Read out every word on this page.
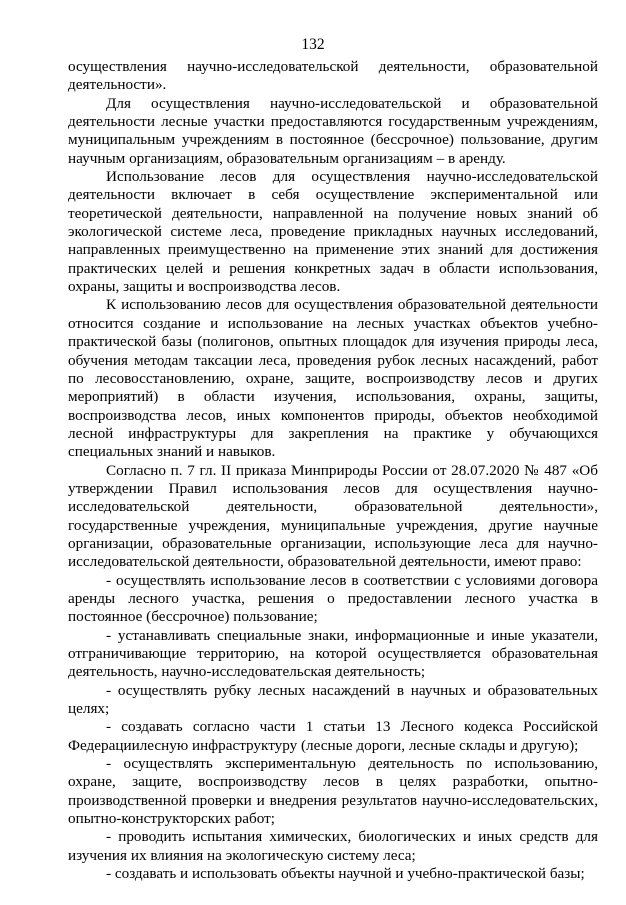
132

осуществления научно-исследовательской деятельности, образовательной деятельности».

Для осуществления научно-исследовательской и образовательной деятельности лесные участки предоставляются государственным учреждениям, муниципальным учреждениям в постоянное (бессрочное) пользование, другим научным организациям, образовательным организациям – в аренду.

Использование лесов для осуществления научно-исследовательской деятельности включает в себя осуществление экспериментальной или теоретической деятельности, направленной на получение новых знаний об экологической системе леса, проведение прикладных научных исследований, направленных преимущественно на применение этих знаний для достижения практических целей и решения конкретных задач в области использования, охраны, защиты и воспроизводства лесов.

К использованию лесов для осуществления образовательной деятельности относится создание и использование на лесных участках объектов учебно-практической базы (полигонов, опытных площадок для изучения природы леса, обучения методам таксации леса, проведения рубок лесных насаждений, работ по лесовосстановлению, охране, защите, воспроизводству лесов и других мероприятий) в области изучения, использования, охраны, защиты, воспроизводства лесов, иных компонентов природы, объектов необходимой лесной инфраструктуры для закрепления на практике у обучающихся специальных знаний и навыков.

Согласно п. 7 гл. II приказа Минприроды России от 28.07.2020 № 487 «Об утверждении Правил использования лесов для осуществления научно-исследовательской деятельности, образовательной деятельности», государственные учреждения, муниципальные учреждения, другие научные организации, образовательные организации, использующие леса для научно-исследовательской деятельности, образовательной деятельности, имеют право:

- осуществлять использование лесов в соответствии с условиями договора аренды лесного участка, решения о предоставлении лесного участка в постоянное (бессрочное) пользование;

- устанавливать специальные знаки, информационные и иные указатели, отграничивающие территорию, на которой осуществляется образовательная деятельность, научно-исследовательская деятельность;

- осуществлять рубку лесных насаждений в научных и образовательных целях;

- создавать согласно части 1 статьи 13 Лесного кодекса Российской Федерациилесную инфраструктуру (лесные дороги, лесные склады и другую);

- осуществлять экспериментальную деятельность по использованию, охране, защите, воспроизводству лесов в целях разработки, опытно-производственной проверки и внедрения результатов научно-исследовательских, опытно-конструкторских работ;

- проводить испытания химических, биологических и иных средств для изучения их влияния на экологическую систему леса;

- создавать и использовать объекты научной и учебно-практической базы;
